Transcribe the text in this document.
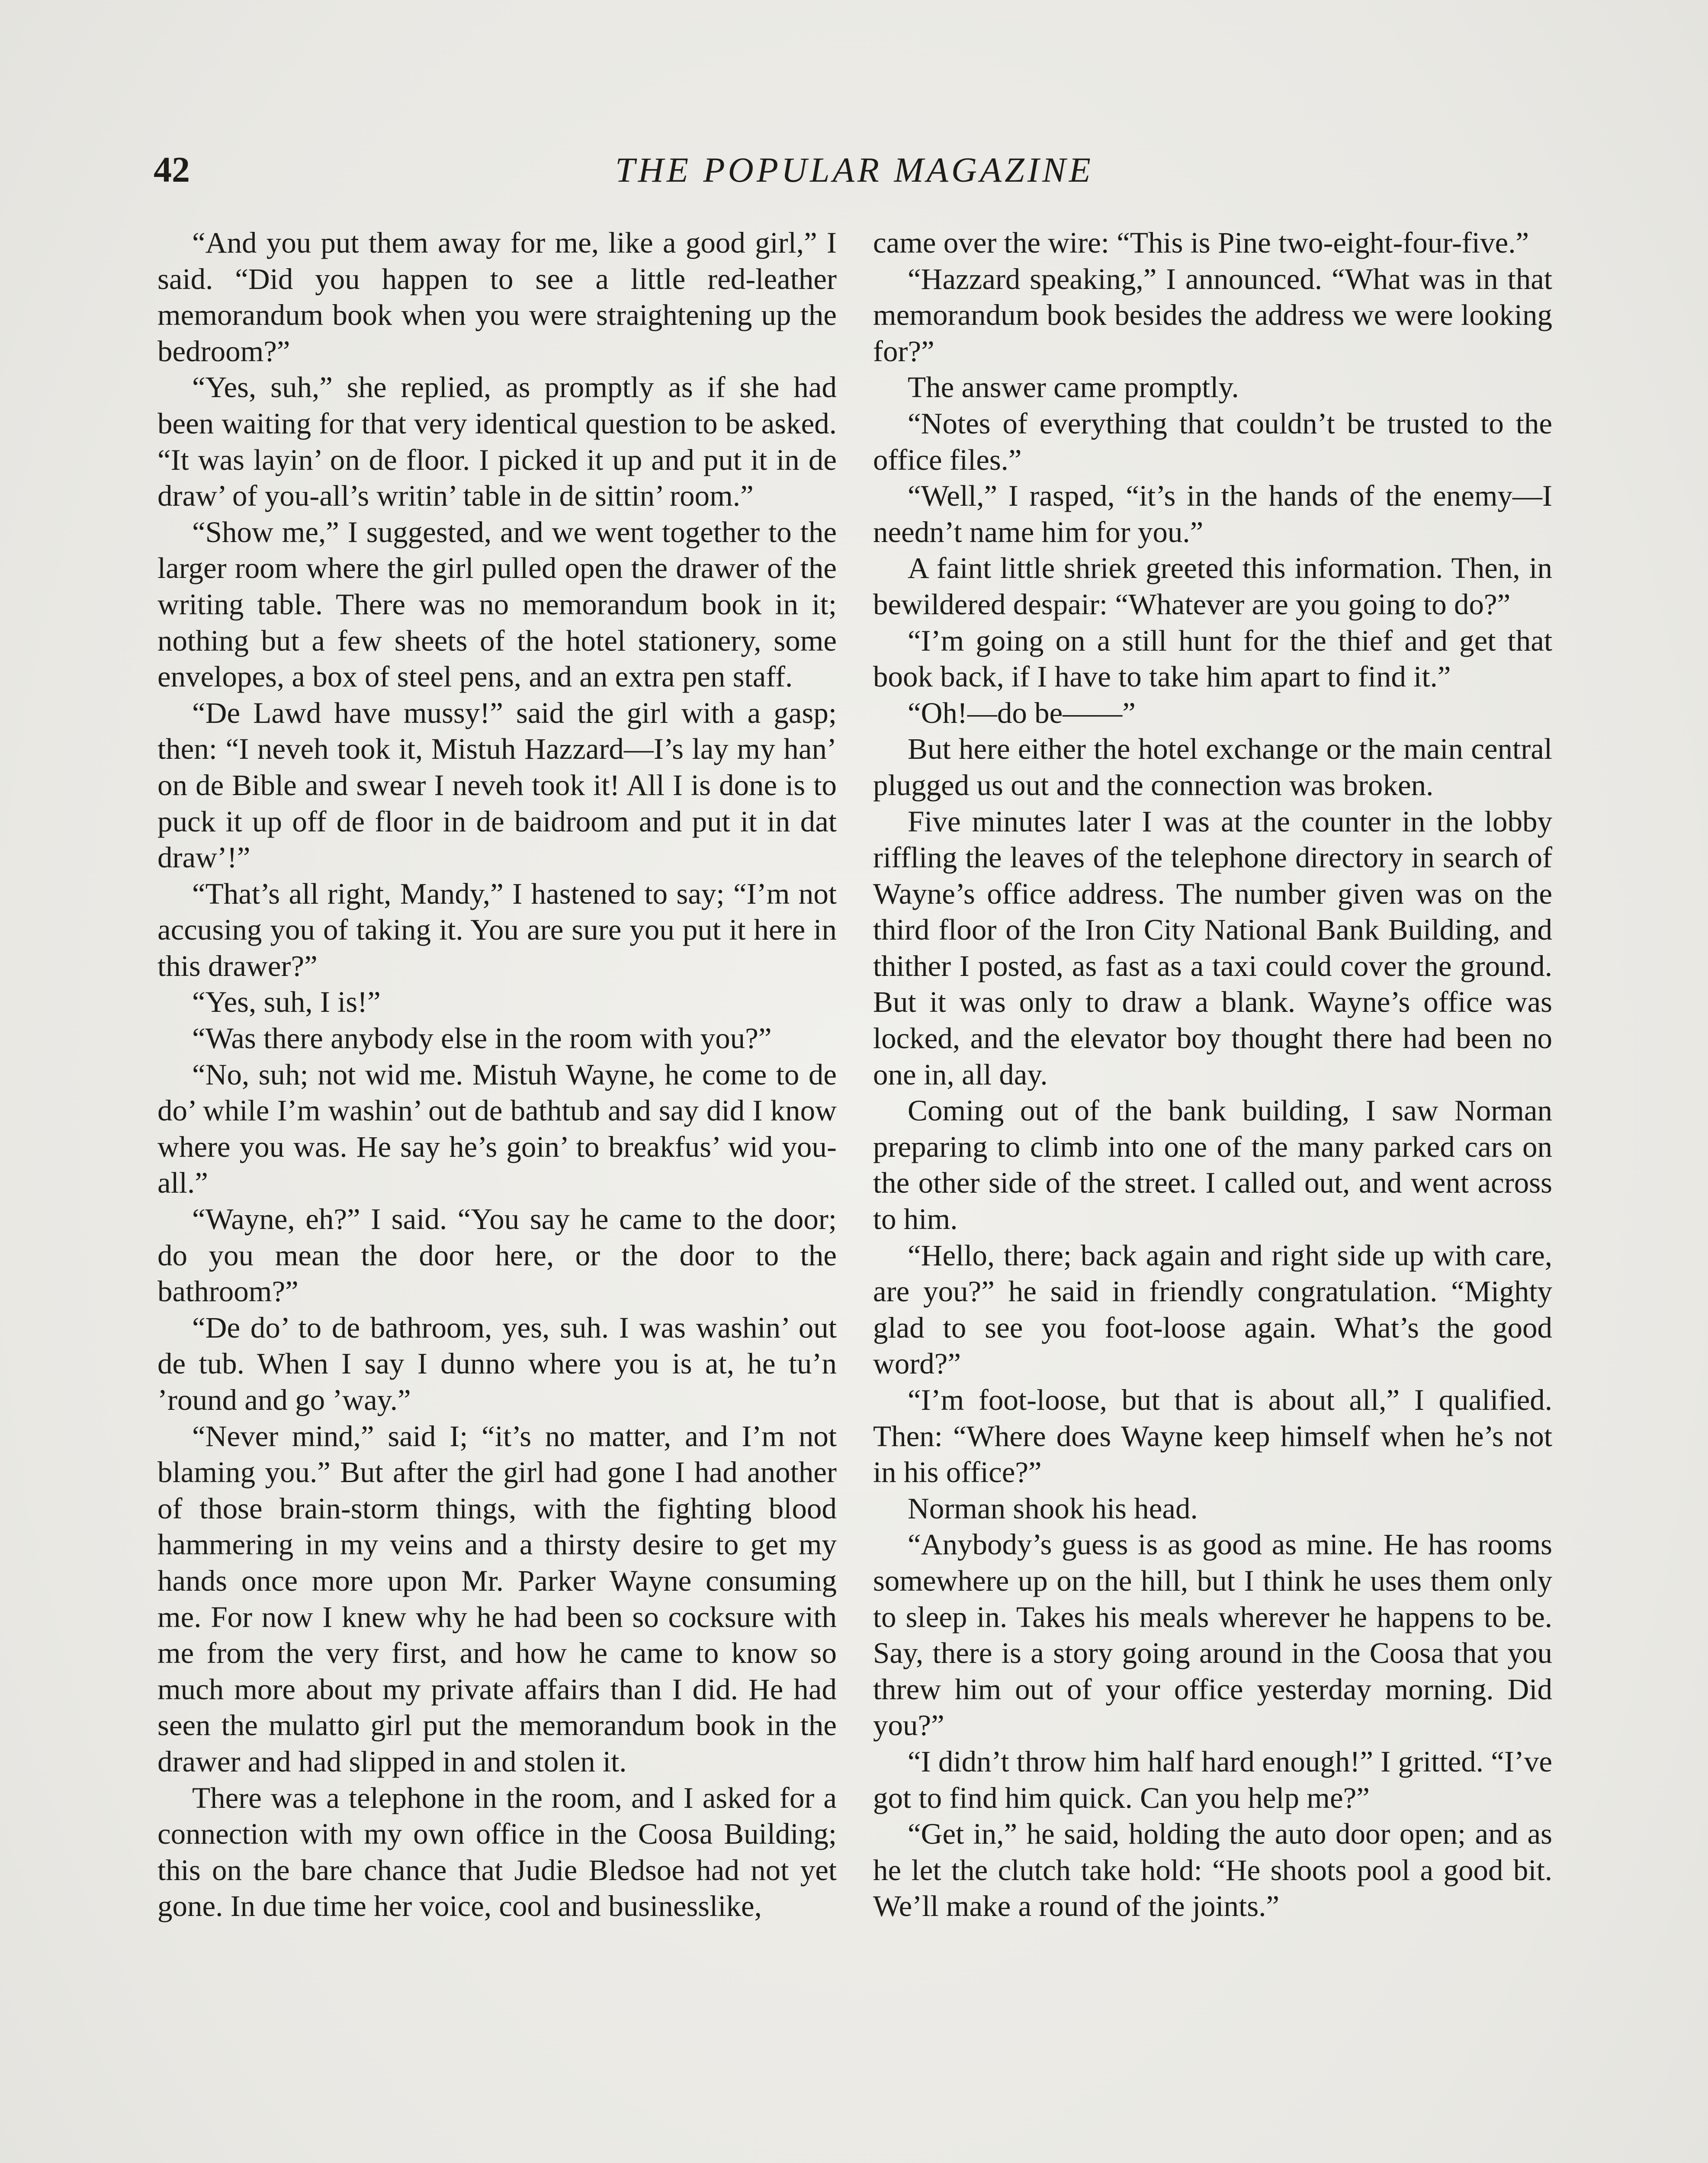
42	THE POPULAR MAGAZINE

“And you put them away for me, like a good girl,” I said. “Did you happen to see a little red-leather memorandum book when you were straightening up the bedroom?”

“Yes, suh,” she replied, as promptly as if she had been waiting for that very identical question to be asked. “It was layin’ on de floor. I picked it up and put it in de draw’ of you-all’s writin’ table in de sittin’ room.”

“Show me,” I suggested, and we went together to the larger room where the girl pulled open the drawer of the writing table. There was no memorandum book in it; nothing but a few sheets of the hotel stationery, some envelopes, a box of steel pens, and an extra pen staff.

“De Lawd have mussy!” said the girl with a gasp; then: “I neveh took it, Mistuh Hazzard—I’s lay my han’ on de Bible and swear I neveh took it! All I is done is to puck it up off de floor in de baidroom and put it in dat draw’!”

“That’s all right, Mandy,” I hastened to say; “I’m not accusing you of taking it. You are sure you put it here in this drawer?”

“Yes, suh, I is!”

“Was there anybody else in the room with you?”

“No, suh; not wid me. Mistuh Wayne, he come to de do’ while I’m washin’ out de bathtub and say did I know where you was. He say he’s goin’ to breakfus’ wid you-all.”

“Wayne, eh?” I said. “You say he came to the door; do you mean the door here, or the door to the bathroom?”

“De do’ to de bathroom, yes, suh. I was washin’ out de tub. When I say I dunno where you is at, he tu’n ’round and go ’way.”

“Never mind,” said I; “it’s no matter, and I’m not blaming you.” But after the girl had gone I had another of those brain-storm things, with the fighting blood hammering in my veins and a thirsty desire to get my hands once more upon Mr. Parker Wayne consuming me. For now I knew why he had been so cocksure with me from the very first, and how he came to know so much more about my private affairs than I did. He had seen the mulatto girl put the memorandum book in the drawer and had slipped in and stolen it.

There was a telephone in the room, and I asked for a connection with my own office in the Coosa Building; this on the bare chance that Judie Bledsoe had not yet gone. In due time her voice, cool and businesslike,

came over the wire: “This is Pine two-eight-four-five.”

“Hazzard speaking,” I announced. “What was in that memorandum book besides the address we were looking for?”

The answer came promptly.

“Notes of everything that couldn’t be trusted to the office files.”

“Well,” I rasped, “it’s in the hands of the enemy—I needn’t name him for you.”

A faint little shriek greeted this information. Then, in bewildered despair: “Whatever are you going to do?”

“I’m going on a still hunt for the thief and get that book back, if I have to take him apart to find it.”

“Oh!—do be——”

But here either the hotel exchange or the main central plugged us out and the connection was broken.

Five minutes later I was at the counter in the lobby riffling the leaves of the telephone directory in search of Wayne’s office address. The number given was on the third floor of the Iron City National Bank Building, and thither I posted, as fast as a taxi could cover the ground. But it was only to draw a blank. Wayne’s office was locked, and the elevator boy thought there had been no one in, all day.

Coming out of the bank building, I saw Norman preparing to climb into one of the many parked cars on the other side of the street. I called out, and went across to him.

“Hello, there; back again and right side up with care, are you?” he said in friendly congratulation. “Mighty glad to see you foot-loose again. What’s the good word?”

“I’m foot-loose, but that is about all,” I qualified. Then: “Where does Wayne keep himself when he’s not in his office?”

Norman shook his head.

“Anybody’s guess is as good as mine. He has rooms somewhere up on the hill, but I think he uses them only to sleep in. Takes his meals wherever he happens to be. Say, there is a story going around in the Coosa that you threw him out of your office yesterday morning. Did you?”

“I didn’t throw him half hard enough!” I gritted. “I’ve got to find him quick. Can you help me?”

“Get in,” he said, holding the auto door open; and as he let the clutch take hold: “He shoots pool a good bit. We’ll make a round of the joints.”
